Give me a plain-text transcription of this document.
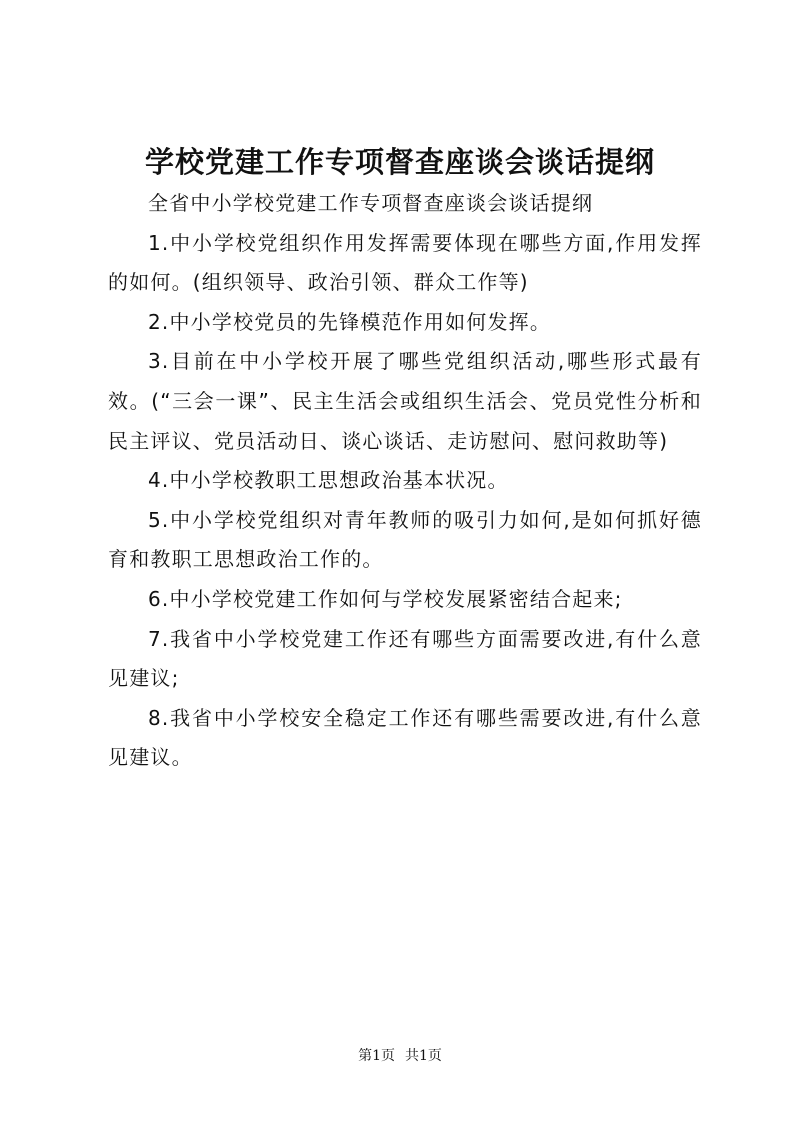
学校党建工作专项督查座谈会谈话提纲

全省中小学校党建工作专项督查座谈会谈话提纲

1.中小学校党组织作用发挥需要体现在哪些方面,作用发挥的如何。(组织领导、政治引领、群众工作等)

2.中小学校党员的先锋模范作用如何发挥。

3.目前在中小学校开展了哪些党组织活动,哪些形式最有效。(“三会一课”、民主生活会或组织生活会、党员党性分析和民主评议、党员活动日、谈心谈话、走访慰问、慰问救助等)

4.中小学校教职工思想政治基本状况。

5.中小学校党组织对青年教师的吸引力如何,是如何抓好德育和教职工思想政治工作的。

6.中小学校党建工作如何与学校发展紧密结合起来;

7.我省中小学校党建工作还有哪些方面需要改进,有什么意见建议;

8.我省中小学校安全稳定工作还有哪些需要改进,有什么意见建议。

第1页 共1页
